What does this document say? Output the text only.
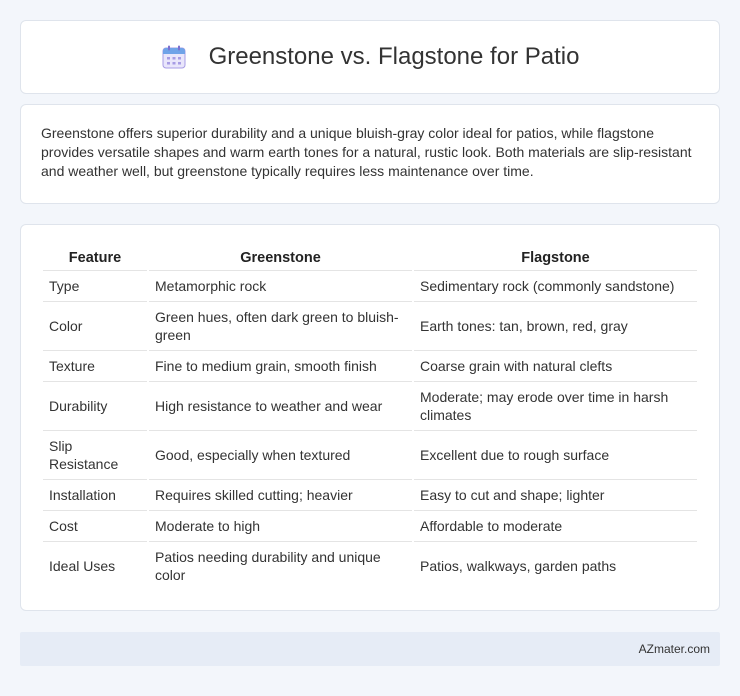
Greenstone vs. Flagstone for Patio

Greenstone offers superior durability and a unique bluish-gray color ideal for patios, while flagstone provides versatile shapes and warm earth tones for a natural, rustic look. Both materials are slip-resistant and weather well, but greenstone typically requires less maintenance over time.

Feature	Greenstone	Flagstone
Type	Metamorphic rock	Sedimentary rock (commonly sandstone)
Color	Green hues, often dark green to bluish-green	Earth tones: tan, brown, red, gray
Texture	Fine to medium grain, smooth finish	Coarse grain with natural clefts
Durability	High resistance to weather and wear	Moderate; may erode over time in harsh climates
Slip Resistance	Good, especially when textured	Excellent due to rough surface
Installation	Requires skilled cutting; heavier	Easy to cut and shape; lighter
Cost	Moderate to high	Affordable to moderate
Ideal Uses	Patios needing durability and unique color	Patios, walkways, garden paths
AZmater.com
